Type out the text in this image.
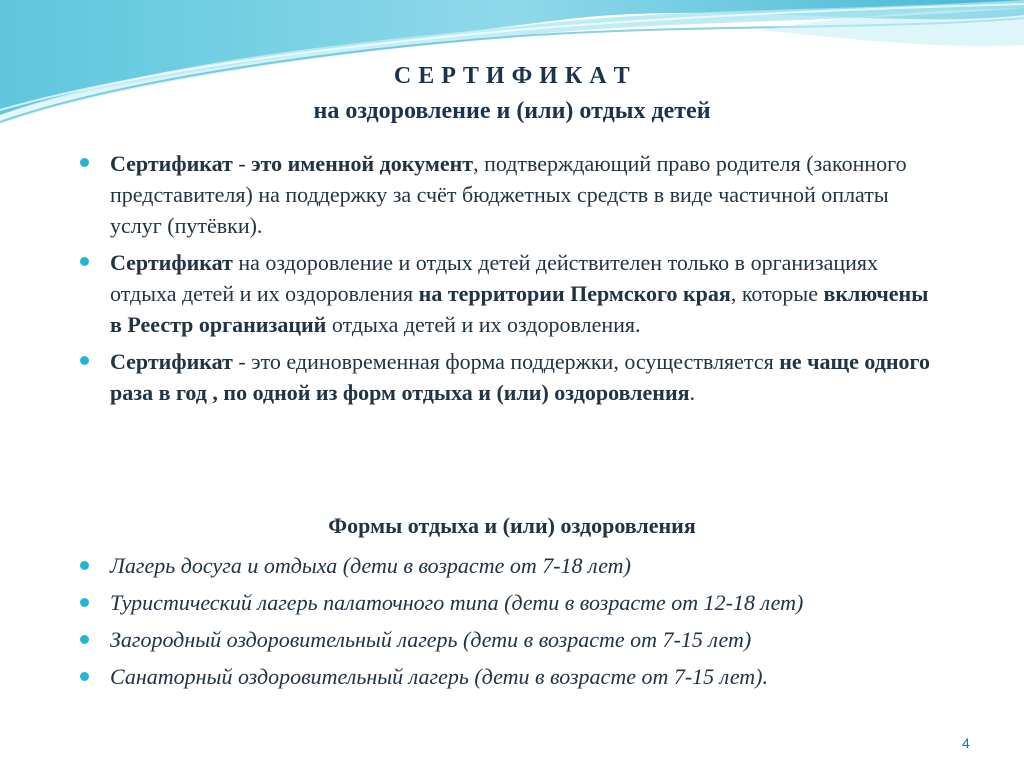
С Е Р Т И Ф И К А Т
на оздоровление и (или) отдых детей
Сертификат - это именной документ, подтверждающий право родителя (законного представителя) на поддержку за счёт бюджетных средств в виде частичной оплаты услуг (путёвки).
Сертификат на оздоровление и отдых детей действителен только в организациях отдыха детей и их оздоровления на территории Пермского края, которые включены в Реестр организаций отдыха детей и их оздоровления.
Сертификат - это единовременная форма поддержки, осуществляется не чаще одного раза в год , по одной из форм отдыха и (или) оздоровления.
Формы отдыха и (или) оздоровления
Лагерь досуга и отдыха (дети в возрасте от 7-18 лет)
Туристический лагерь палаточного типа (дети в возрасте от 12-18 лет)
Загородный оздоровительный лагерь (дети в возрасте от 7-15 лет)
Санаторный оздоровительный лагерь (дети в возрасте от 7-15 лет).
4
